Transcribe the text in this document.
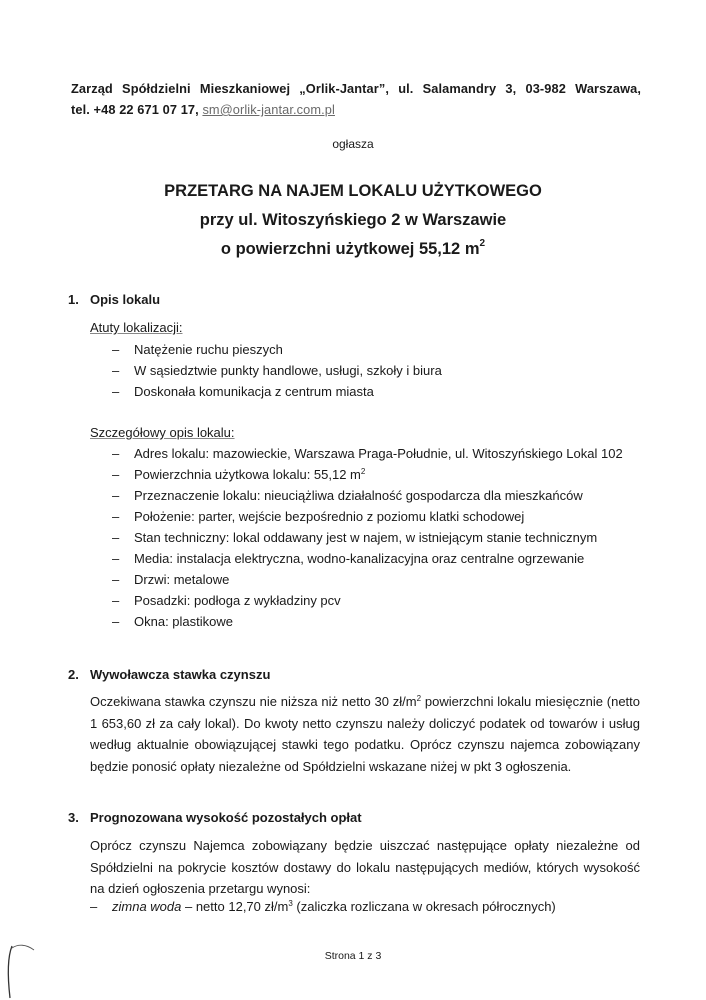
Zarząd Spółdzielni Mieszkaniowej „Orlik-Jantar”, ul. Salamandry 3, 03-982 Warszawa,
tel. +48 22 671 07 17, sm@orlik-jantar.com.pl
ogłasza
PRZETARG NA NAJEM LOKALU UŻYTKOWEGO
przy ul. Witoszyńskiego 2 w Warszawie
o powierzchni użytkowej 55,12 $m^2$
1. Opis lokalu
Atuty lokalizacji:
– Natężenie ruchu pieszych
– W sąsiedztwie punkty handlowe, usługi, szkoły i biura
– Doskonała komunikacja z centrum miasta
Szczegółowy opis lokalu:
– Adres lokalu: mazowieckie, Warszawa Praga-Południe, ul. Witoszyńskiego Lokal 102
– Powierzchnia użytkowa lokalu: 55,12 $m^2$
– Przeznaczenie lokalu: nieuciążliwa działalność gospodarcza dla mieszkańców
– Położenie: parter, wejście bezpośrednio z poziomu klatki schodowej
– Stan techniczny: lokal oddawany jest w najem, w istniejącym stanie technicznym
– Media: instalacja elektryczna, wodno-kanalizacyjna oraz centralne ogrzewanie
– Drzwi: metalowe
– Posadzki: podłoga z wykładziny pcv
– Okna: plastikowe
2. Wywoławcza stawka czynszu
Oczekiwana stawka czynszu nie niższa niż netto 30 $zł/m^2$ powierzchni lokalu miesięcznie (netto 1 653,60 zł za cały lokal). Do kwoty netto czynszu należy doliczyć podatek od towarów i usług według aktualnie obowiązującej stawki tego podatku. Oprócz czynszu najemca zobowiązany będzie ponosić opłaty niezależne od Spółdzielni wskazane niżej w pkt 3 ogłoszenia.
3. Prognozowana wysokość pozostałych opłat
Oprócz czynszu Najemca zobowiązany będzie uiszczać następujące opłaty niezależne od Spółdzielni na pokrycie kosztów dostawy do lokalu następujących mediów, których wysokość na dzień ogłoszenia przetargu wynosi:
– zimna woda – netto 12,70 $zł/m^3$ (zaliczka rozliczana w okresach półrocznych)
Strona 1 z 3
